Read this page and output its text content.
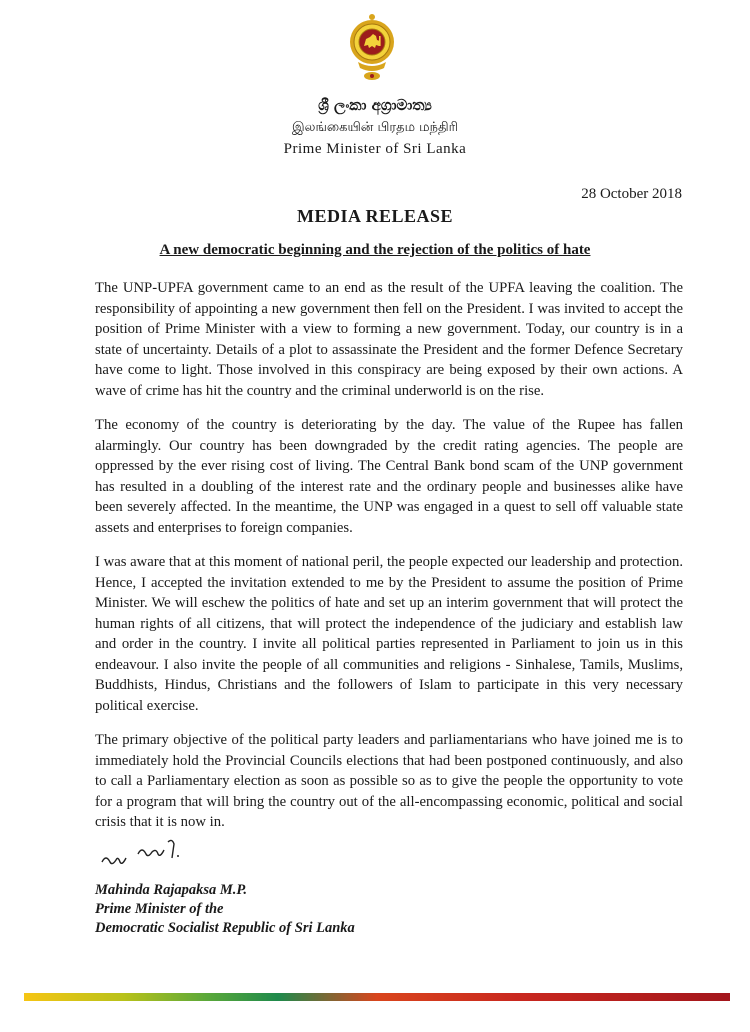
ශ්‍රී ලංකා අග්‍රාමාත්‍ය
இலங்கையின் பிரதம மந்திரி
Prime Minister of Sri Lanka
28 October 2018
MEDIA RELEASE
A new democratic beginning and the rejection of the politics of hate

The UNP-UPFA government came to an end as the result of the UPFA leaving the coalition. The responsibility of appointing a new government then fell on the President. I was invited to accept the position of Prime Minister with a view to forming a new government. Today, our country is in a state of uncertainty. Details of a plot to assassinate the President and the former Defence Secretary have come to light. Those involved in this conspiracy are being exposed by their own actions. A wave of crime has hit the country and the criminal underworld is on the rise.

The economy of the country is deteriorating by the day. The value of the Rupee has fallen alarmingly. Our country has been downgraded by the credit rating agencies. The people are oppressed by the ever rising cost of living. The Central Bank bond scam of the UNP government has resulted in a doubling of the interest rate and the ordinary people and businesses alike have been severely affected. In the meantime, the UNP was engaged in a quest to sell off valuable state assets and enterprises to foreign companies.

I was aware that at this moment of national peril, the people expected our leadership and protection. Hence, I accepted the invitation extended to me by the President to assume the position of Prime Minister. We will eschew the politics of hate and set up an interim government that will protect the human rights of all citizens, that will protect the independence of the judiciary and establish law and order in the country. I invite all political parties represented in Parliament to join us in this endeavour. I also invite the people of all communities and religions - Sinhalese, Tamils, Muslims, Buddhists, Hindus, Christians and the followers of Islam to participate in this very necessary political exercise.

The primary objective of the political party leaders and parliamentarians who have joined me is to immediately hold the Provincial Councils elections that had been postponed continuously, and also to call a Parliamentary election as soon as possible so as to give the people the opportunity to vote for a program that will bring the country out of the all-encompassing economic, political and social crisis that it is now in.

Mahinda Rajapaksa M.P.
Prime Minister of the
Democratic Socialist Republic of Sri Lanka
